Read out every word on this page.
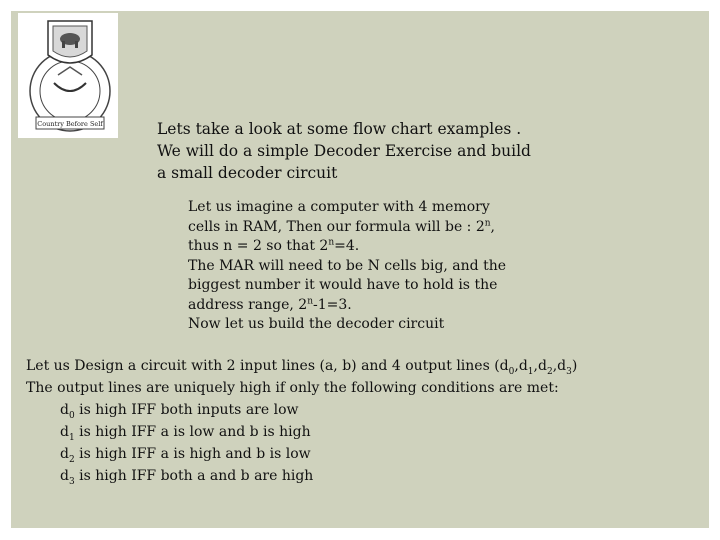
Country Before Self	Lets take a look at some flow chart examples .
We will do a simple Decoder Exercise and build
a small decoder circuit
Let us imagine a computer with 4 memory
cells in RAM, Then our formula will be : 2$^n$,
thus n = 2 so that $2^n=4$.
The MAR will need to be N cells big, and the
biggest number it would have to hold is the
address range, $2^n-1=3$.
Now let us build the decoder circuit
Let us Design a circuit with 2 input lines (a, b) and 4 output lines $(d_0,d_1,d_2,d_3)$
The output lines are uniquely high if only the following conditions are met:
$d_0$ is high IFF both inputs are low
$d_1$ is high IFF a is low and b is high
$d_2$ is high IFF a is high and b is low
$d_3$ is high IFF both a and b are high
